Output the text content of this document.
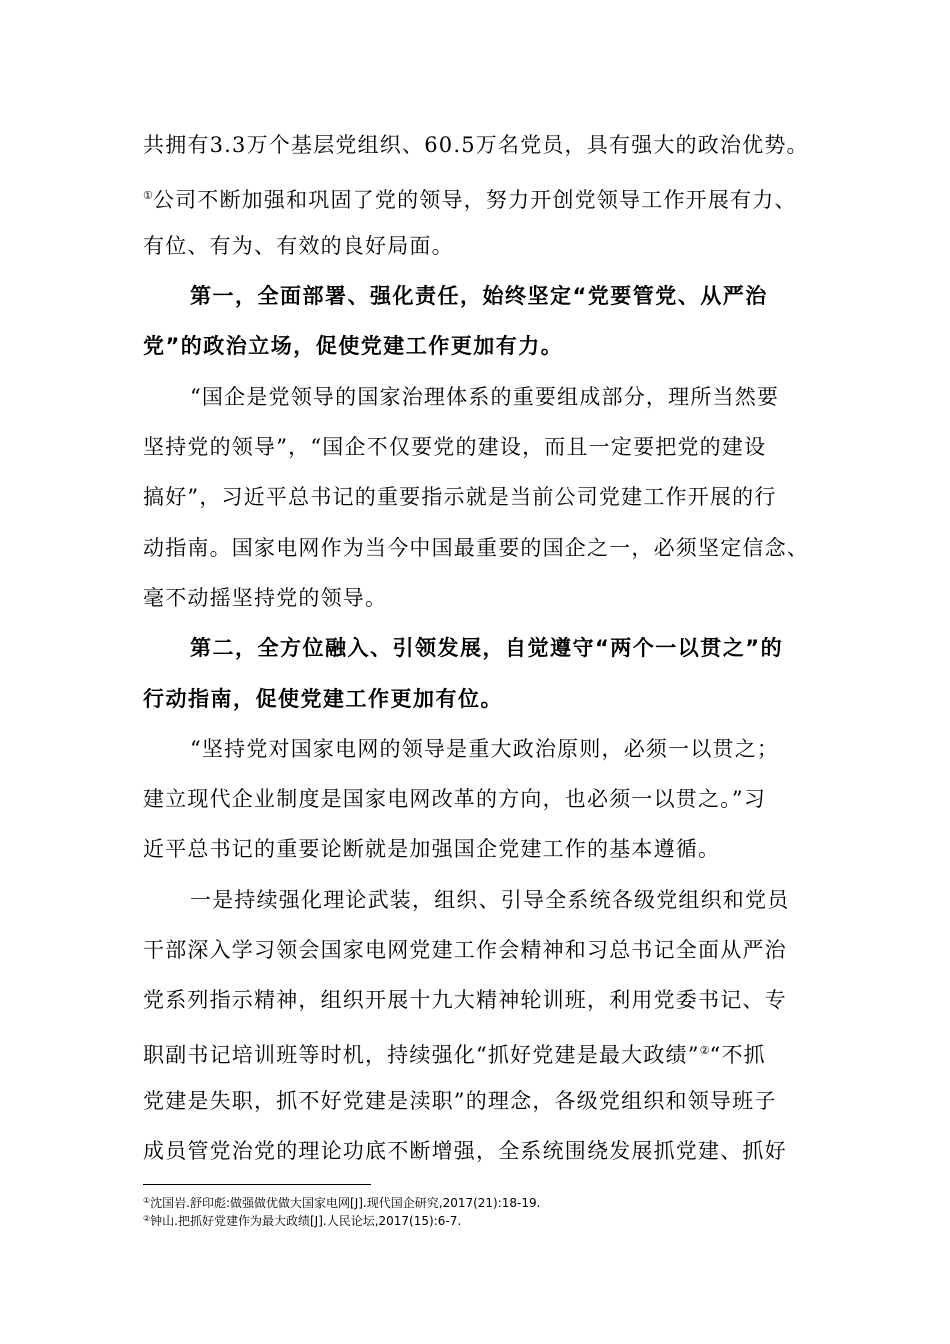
共拥有3.3万个基层党组织、60.5万名党员，具有强大的政治优势。
①公司不断加强和巩固了党的领导，努力开创党领导工作开展有力、
有位、有为、有效的良好局面。
第一，全面部署、强化责任，始终坚定“党要管党、从严治
党”的政治立场，促使党建工作更加有力。
“国企是党领导的国家治理体系的重要组成部分，理所当然要
坚持党的领导”，“国企不仅要党的建设，而且一定要把党的建设
搞好”，习近平总书记的重要指示就是当前公司党建工作开展的行
动指南。国家电网作为当今中国最重要的国企之一，必须坚定信念、
毫不动摇坚持党的领导。
第二，全方位融入、引领发展，自觉遵守“两个一以贯之”的
行动指南，促使党建工作更加有位。
“坚持党对国家电网的领导是重大政治原则，必须一以贯之；
建立现代企业制度是国家电网改革的方向，也必须一以贯之。”习
近平总书记的重要论断就是加强国企党建工作的基本遵循。
一是持续强化理论武装，组织、引导全系统各级党组织和党员
干部深入学习领会国家电网党建工作会精神和习总书记全面从严治
党系列指示精神，组织开展十九大精神轮训班，利用党委书记、专
职副书记培训班等时机，持续强化“抓好党建是最大政绩”②“不抓
党建是失职，抓不好党建是渎职”的理念，各级党组织和领导班子
成员管党治党的理论功底不断增强，全系统围绕发展抓党建、抓好
①沈国岩.舒印彪:做强做优做大国家电网[J].现代国企研究,2017(21):18-19.
②钟山.把抓好党建作为最大政绩[J].人民论坛,2017(15):6-7.
